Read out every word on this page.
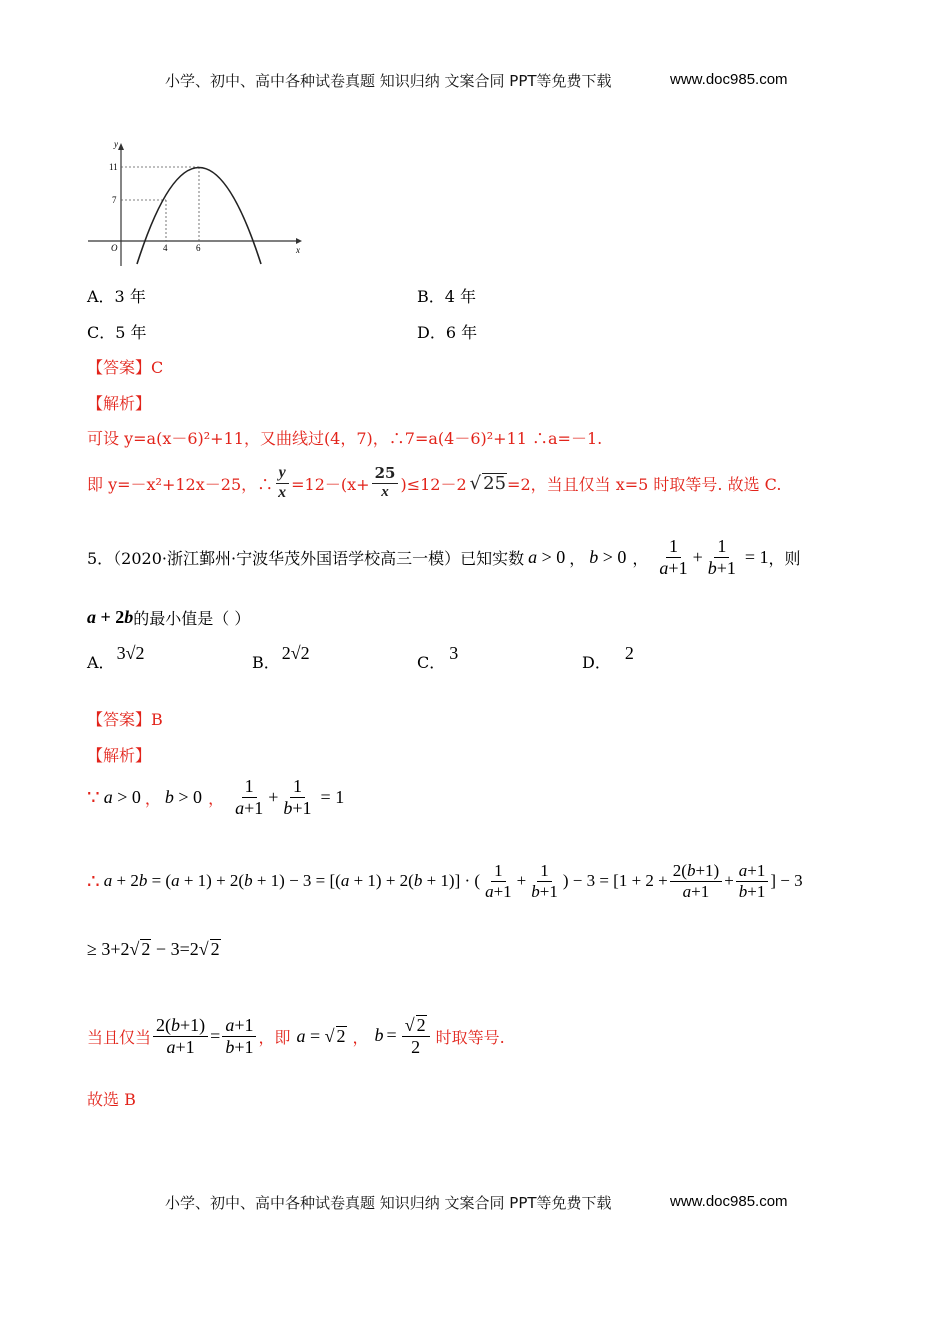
小学、初中、高中各种试卷真题 知识归纳 文案合同 PPT等免费下载	www.doc985.com
y
x
O
11
7
4	6
A．3 年	B．4 年
C．5 年	D．6 年
【答案】C
【解析】
可设 y=a(x－6)²+11，又曲线过(4，7)，∴7=a(4－6)²+11 ∴a=－1.
即 y=－x²+12x－25，∴ $\frac{y}{x} =12-(x+ \frac{25}{x} )\le 12-2$ √ 25 =2，当且仅当 x=5 时取等号. 故选 C.
5．（2020·浙江鄞州·宁波华茂外国语学校高三一模）已知实数 a > 0 ， b > 0 ， $\frac{1}{a+1} + \frac{1}{b+1} = 1$ ，则
a + 2b 的最小值是（ ）
A． 3√2	B． 2√2	C． 3	D． 2
【答案】B
【解析】
∵ a > 0 ， b > 0 ， $\frac{1}{a+1} + \frac{1}{b+1} = 1$
∴ a + 2b = (a + 1) + 2(b + 1) − 3 = [(a + 1) + 2(b + 1)] · ( $\frac{1}{a+1} + \frac{1}{b+1}$ ) − $3 = [1 + 2 + \frac{2(b+1)}{a+1} + \frac{a+1}{b+1}$ ] − 3
≥ 3+2√ 2 − 3=2√ 2
当且仅当 $\frac{2(b+1)}{a+1} = \frac{a+1}{b+1}$ ，即 a = √ 2 ， $b = \frac{√ 2}{2}$ 时取等号.
故选 B
小学、初中、高中各种试卷真题 知识归纳 文案合同 PPT等免费下载	www.doc985.com
